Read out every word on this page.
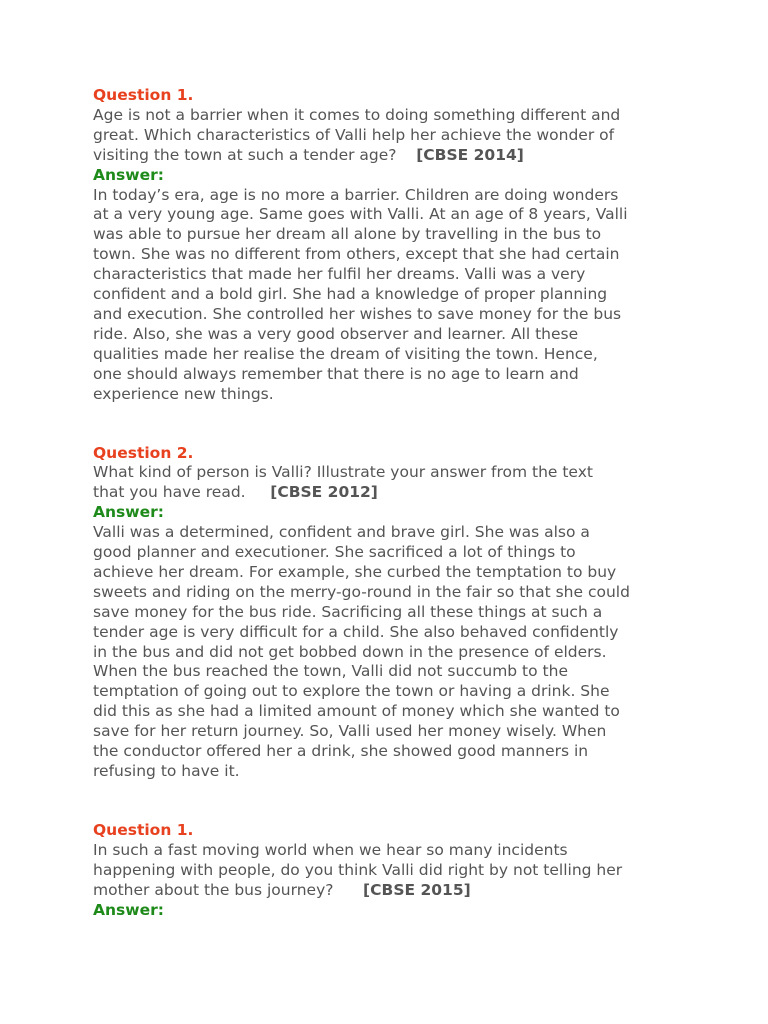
Question 1.
Age is not a barrier when it comes to doing something different and
great. Which characteristics of Valli help her achieve the wonder of
visiting the town at such a tender age? [CBSE 2014]
Answer:
In today’s era, age is no more a barrier. Children are doing wonders
at a very young age. Same goes with Valli. At an age of 8 years, Valli
was able to pursue her dream all alone by travelling in the bus to
town. She was no different from others, except that she had certain
characteristics that made her fulfil her dreams. Valli was a very
confident and a bold girl. She had a knowledge of proper planning
and execution. She controlled her wishes to save money for the bus
ride. Also, she was a very good observer and learner. All these
qualities made her realise the dream of visiting the town. Hence,
one should always remember that there is no age to learn and
experience new things.
Question 2.
What kind of person is Valli? Illustrate your answer from the text
that you have read. [CBSE 2012]
Answer:
Valli was a determined, confident and brave girl. She was also a
good planner and executioner. She sacrificed a lot of things to
achieve her dream. For example, she curbed the temptation to buy
sweets and riding on the merry-go-round in the fair so that she could
save money for the bus ride. Sacrificing all these things at such a
tender age is very difficult for a child. She also behaved confidently
in the bus and did not get bobbed down in the presence of elders.
When the bus reached the town, Valli did not succumb to the
temptation of going out to explore the town or having a drink. She
did this as she had a limited amount of money which she wanted to
save for her return journey. So, Valli used her money wisely. When
the conductor offered her a drink, she showed good manners in
refusing to have it.
Question 1.
In such a fast moving world when we hear so many incidents
happening with people, do you think Valli did right by not telling her
mother about the bus journey? [CBSE 2015]
Answer:
